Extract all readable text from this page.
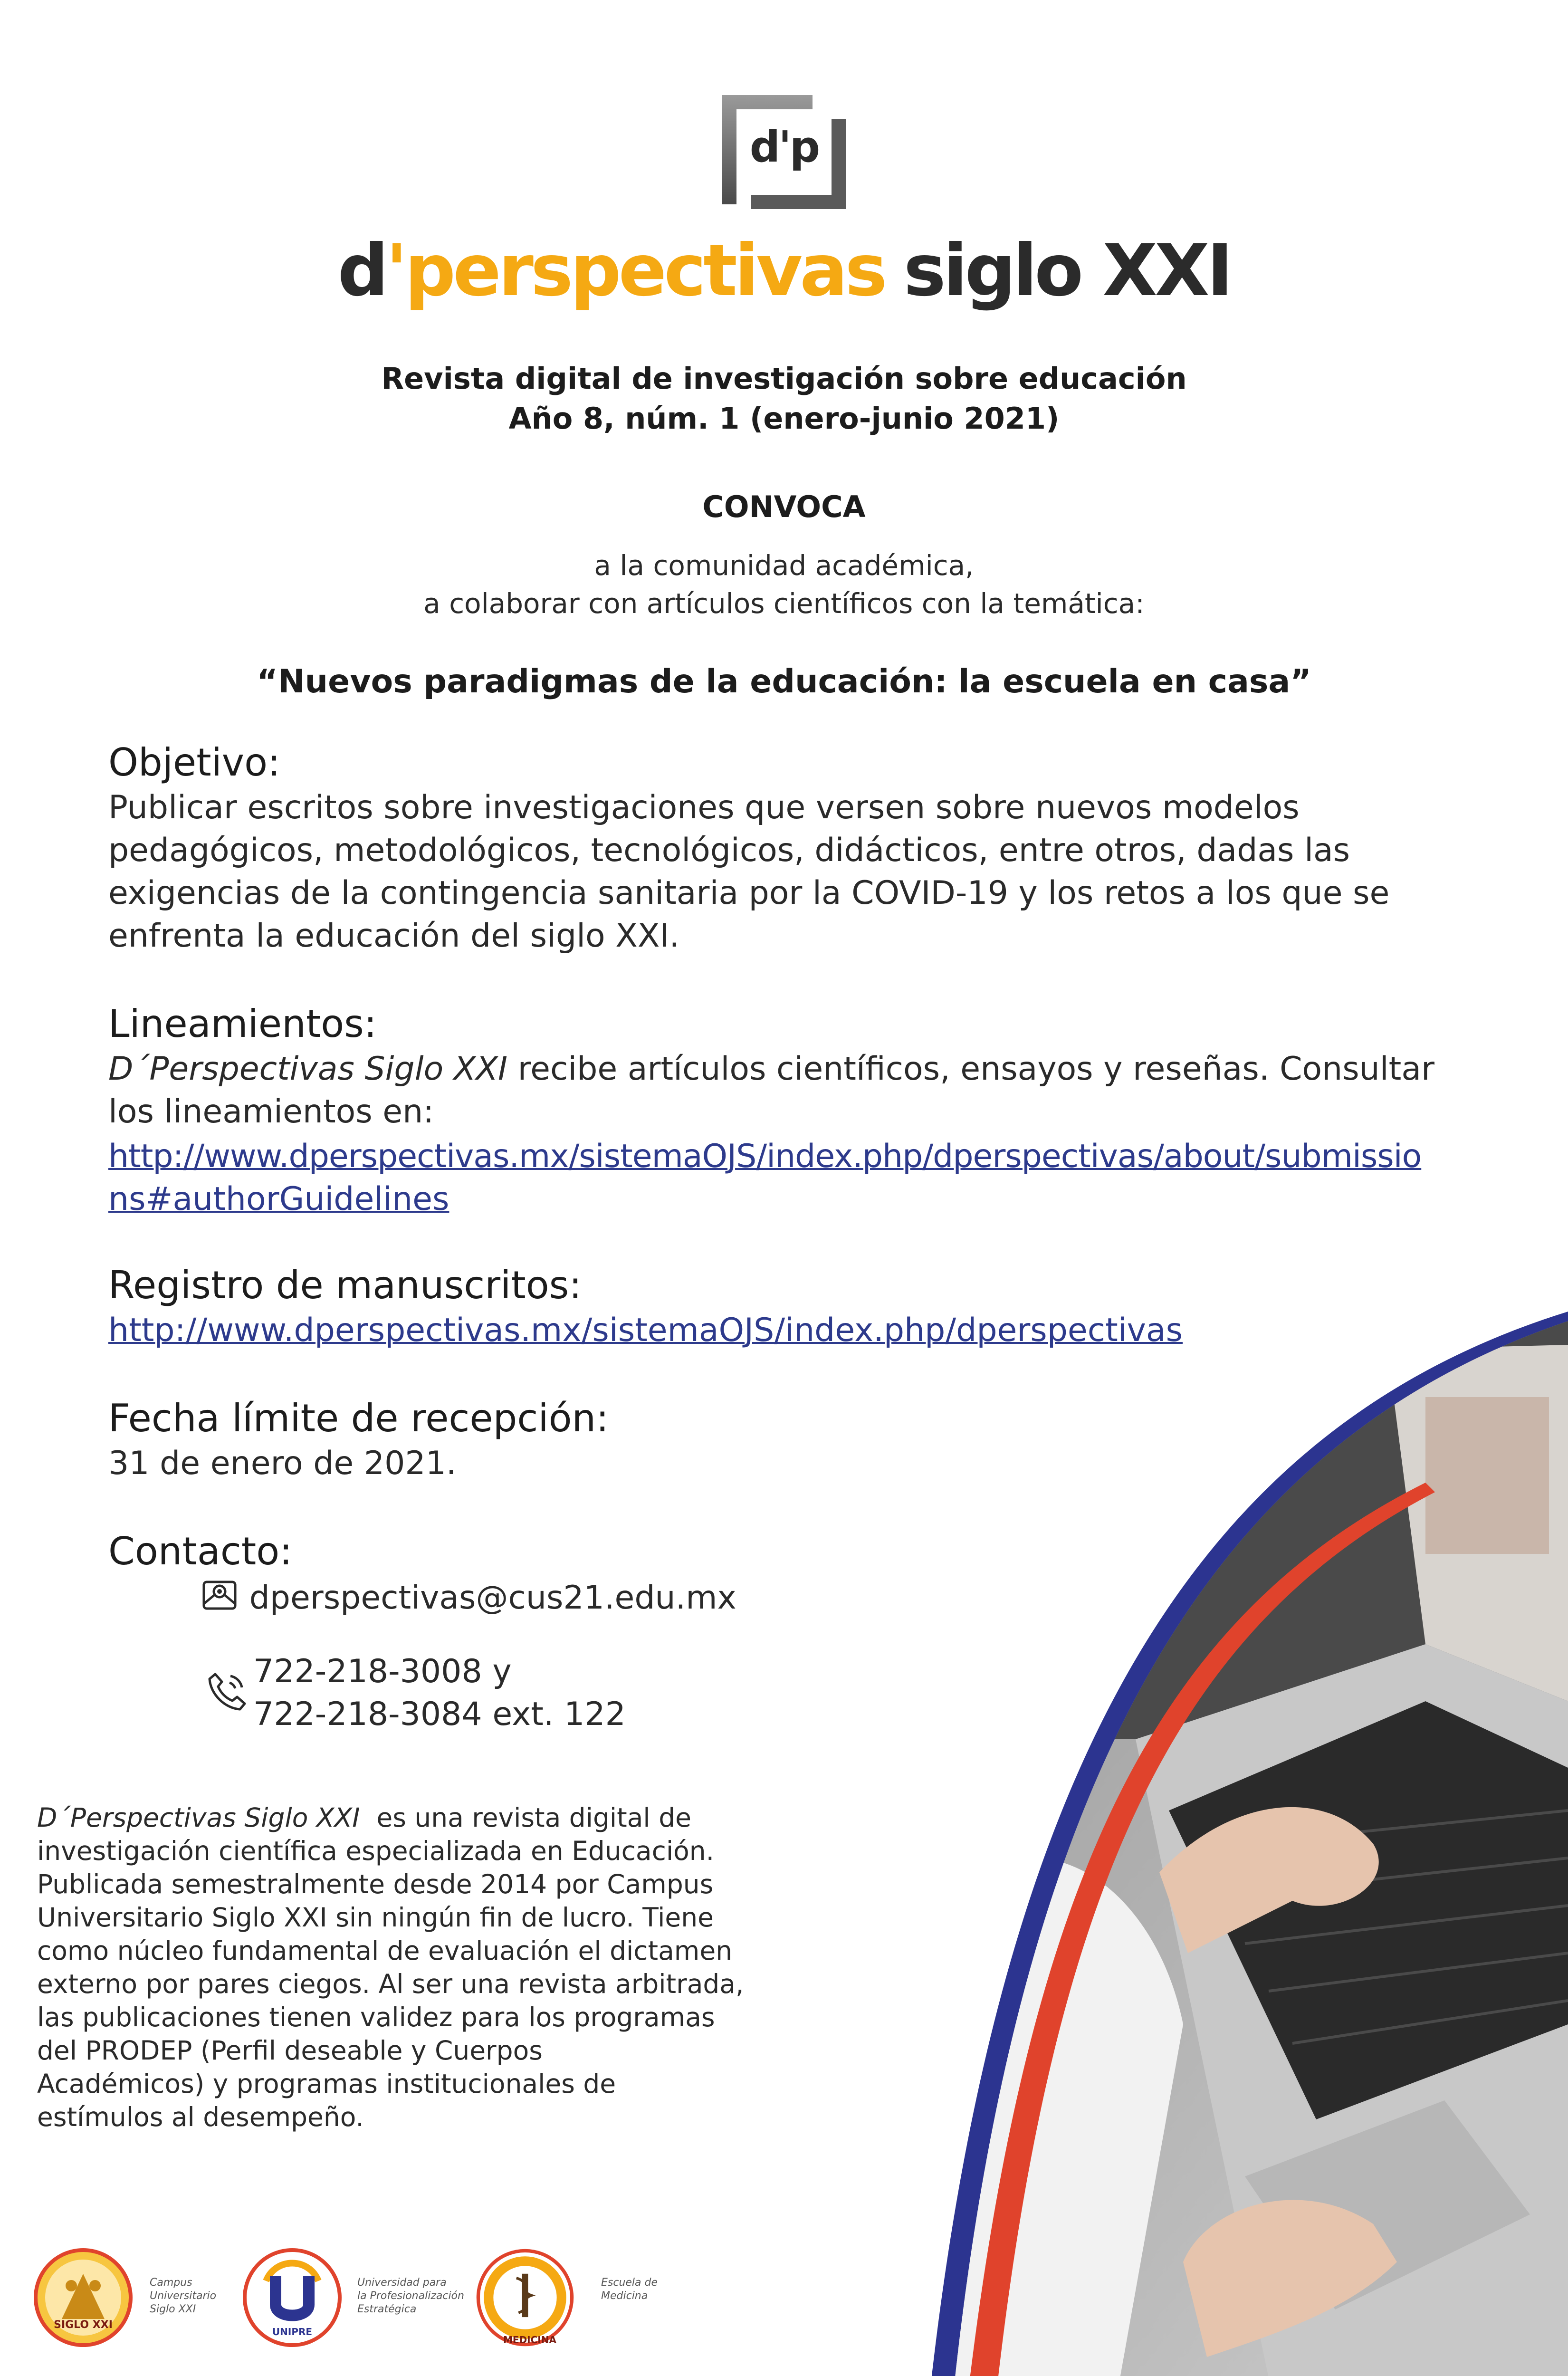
d'p
d'perspectivas siglo XXI
Revista digital de investigación sobre educación
Año 8, núm. 1 (enero-junio 2021)
CONVOCA
a la comunidad académica,
a colaborar con artículos científicos con la temática:
“Nuevos paradigmas de la educación: la escuela en casa”
Objetivo:
Publicar escritos sobre investigaciones que versen sobre nuevos modelos
pedagógicos, metodológicos, tecnológicos, didácticos, entre otros, dadas las
exigencias de la contingencia sanitaria por la COVID-19 y los retos a los que se
enfrenta la educación del siglo XXI.
Lineamientos:
D´Perspectivas Siglo XXI recibe artículos científicos, ensayos y reseñas. Consultar
los lineamientos en:
http://www.dperspectivas.mx/sistemaOJS/index.php/dperspectivas/about/submissio
ns#authorGuidelines
Registro de manuscritos:
http://www.dperspectivas.mx/sistemaOJS/index.php/dperspectivas
Fecha límite de recepción:
31 de enero de 2021.
Contacto:
dperspectivas@cus21.edu.mx
722-218-3008 y
722-218-3084 ext. 122
D´Perspectivas Siglo XXI  es una revista digital de
investigación científica especializada en Educación.
Publicada semestralmente desde 2014 por Campus
Universitario Siglo XXI sin ningún fin de lucro. Tiene
como núcleo fundamental de evaluación el dictamen
externo por pares ciegos. Al ser una revista arbitrada,
las publicaciones tienen validez para los programas
del PRODEP (Perfil deseable y Cuerpos
Académicos) y programas institucionales de
estímulos al desempeño.
SIGLO XXI
Campus
Universitario
Siglo XXI
UNIPRE
Universidad para
la Profesionalización
Estratégica
MEDICINA
Escuela de
Medicina
